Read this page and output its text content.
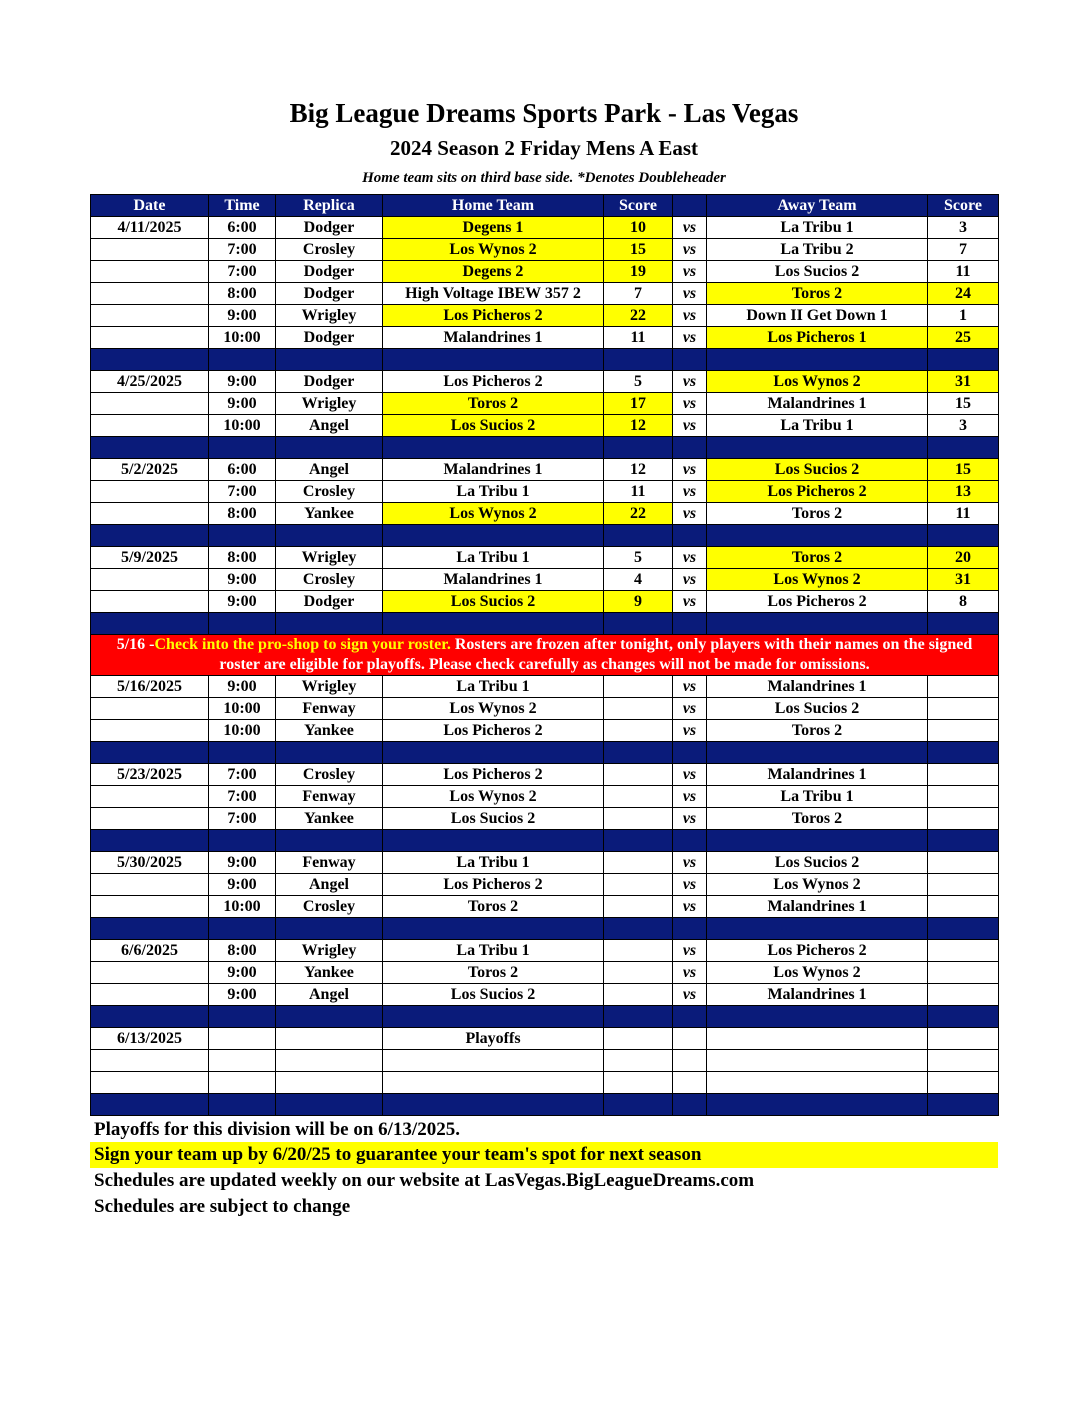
Big League Dreams Sports Park - Las Vegas
2024 Season 2 Friday Mens A East
Home team sits on third base side. *Denotes Doubleheader
Date	Time	Replica	Home Team	Score		Away Team	Score
4/11/2025	6:00	Dodger	Degens 1	10	vs	La Tribu 1	3
	7:00	Crosley	Los Wynos 2	15	vs	La Tribu 2	7
	7:00	Dodger	Degens 2	19	vs	Los Sucios 2	11
	8:00	Dodger	High Voltage IBEW 357 2	7	vs	Toros 2	24
	9:00	Wrigley	Los Picheros 2	22	vs	Down II Get Down 1	1
	10:00	Dodger	Malandrines 1	11	vs	Los Picheros 1	25

4/25/2025	9:00	Dodger	Los Picheros 2	5	vs	Los Wynos 2	31
	9:00	Wrigley	Toros 2	17	vs	Malandrines 1	15
	10:00	Angel	Los Sucios 2	12	vs	La Tribu 1	3

5/2/2025	6:00	Angel	Malandrines 1	12	vs	Los Sucios 2	15
	7:00	Crosley	La Tribu 1	11	vs	Los Picheros 2	13
	8:00	Yankee	Los Wynos 2	22	vs	Toros 2	11

5/9/2025	8:00	Wrigley	La Tribu 1	5	vs	Toros 2	20
	9:00	Crosley	Malandrines 1	4	vs	Los Wynos 2	31
	9:00	Dodger	Los Sucios 2	9	vs	Los Picheros 2	8

5/16 -Check into the pro-shop to sign your roster. Rosters are frozen after tonight, only players with their names on the signed roster are eligible for playoffs. Please check carefully as changes will not be made for omissions.							
5/16/2025	9:00	Wrigley	La Tribu 1		vs	Malandrines 1	
	10:00	Fenway	Los Wynos 2		vs	Los Sucios 2	
	10:00	Yankee	Los Picheros 2		vs	Toros 2	

5/23/2025	7:00	Crosley	Los Picheros 2		vs	Malandrines 1	
	7:00	Fenway	Los Wynos 2		vs	La Tribu 1	
	7:00	Yankee	Los Sucios 2		vs	Toros 2	

5/30/2025	9:00	Fenway	La Tribu 1		vs	Los Sucios 2	
	9:00	Angel	Los Picheros 2		vs	Los Wynos 2	
	10:00	Crosley	Toros 2		vs	Malandrines 1	

6/6/2025	8:00	Wrigley	La Tribu 1		vs	Los Picheros 2	
	9:00	Yankee	Toros 2		vs	Los Wynos 2	
	9:00	Angel	Los Sucios 2		vs	Malandrines 1	

6/13/2025			Playoffs				

Playoffs for this division will be on 6/13/2025.
Sign your team up by 6/20/25 to guarantee your team's spot for next season
Schedules are updated weekly on our website at LasVegas.BigLeagueDreams.com
Schedules are subject to change
